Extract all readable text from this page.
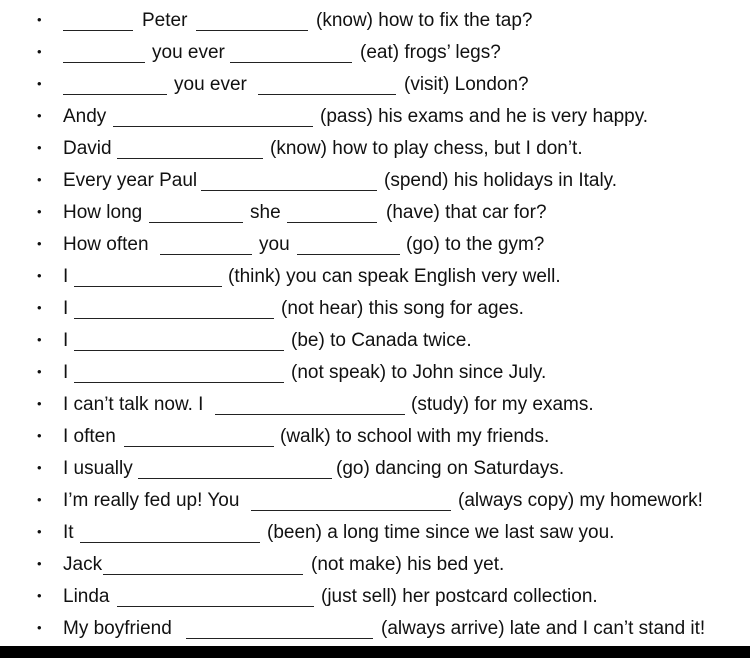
•	Peter	(know) how to fix the tap?
•	you ever	(eat) frogs’ legs?
•	you ever	(visit) London?
• Andy	(pass) his exams and he is very happy.
• David	(know) how to play chess, but I don’t.
• Every year Paul	(spend) his holidays in Italy.
• How long	she	(have) that car for?
• How often	you	(go) to the gym?
• I	(think) you can speak English very well.
• I	(not hear) this song for ages.
• I	(be) to Canada twice.
• I	(not speak) to John since July.
• I can’t talk now. I	(study) for my exams.
• I often	(walk) to school with my friends.
• I usually	(go) dancing on Saturdays.
• I’m really fed up! You	(always copy) my homework!
• It	(been) a long time since we last saw you.
• Jack	(not make) his bed yet.
• Linda	(just sell) her postcard collection.
• My boyfriend	(always arrive) late and I can’t stand it!
